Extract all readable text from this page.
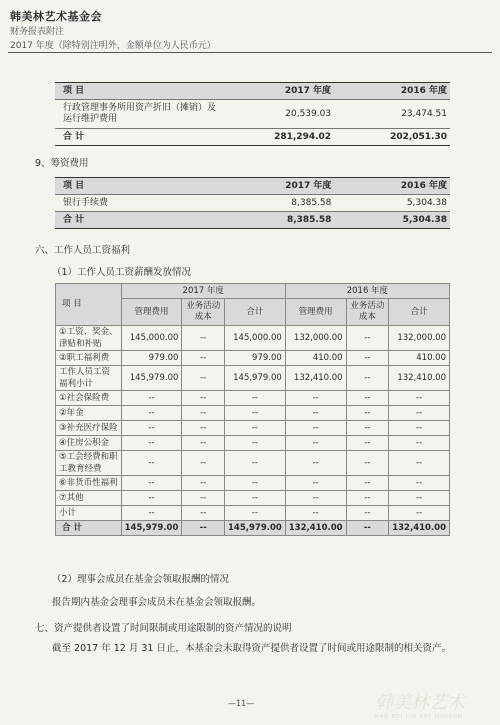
韩美林艺术基金会
财务报表附注
2017 年度（除特别注明外，金额单位为人民币元）
项 目	2017 年度	2016 年度
行政管理事务所用资产折旧（摊销）及运行维护费用	20,539.03	23,474.51
合 计	281,294.02	202,051.30
9、筹资费用
项 目	2017 年度	2016 年度
银行手续费	8,385.58	5,304.38
合 计	8,385.58	5,304.38
六、工作人员工资福利
（1）工作人员工资薪酬发放情况
项 目	2017 年度			2016 年度		
	管理费用	业务活动成本	合计	管理费用	业务活动成本	合计
①工资、奖金、津贴和补贴	145,000.00	--	145,000.00	132,000.00	--	132,000.00
②职工福利费	979.00	--	979.00	410.00	--	410.00
工作人员工资福利小计	145,979.00	--	145,979.00	132,410.00	--	132,410.00
①社会保险费	--	--	--	--	--	--
②年金	--	--	--	--	--	--
③补充医疗保险	--	--	--	--	--	--
④住房公积金	--	--	--	--	--	--
⑤工会经费和职工教育经费	--	--	--	--	--	--
⑥非货币性福利	--	--	--	--	--	--
⑦其他	--	--	--	--	--	--
小计	--	--	--	--	--	--
合 计	145,979.00	--	145,979.00	132,410.00	--	132,410.00
（2）理事会成员在基金会领取报酬的情况
报告期内基金会理事会成员未在基金会领取报酬。
七、资产提供者设置了时间限制或用途限制的资产情况的说明
截至 2017 年 12 月 31 日止，本基金会未取得资产提供者设置了时间或用途限制的相关资产。
—11—	韩美林艺术
HAN MEI LIN ART MUSEUM
